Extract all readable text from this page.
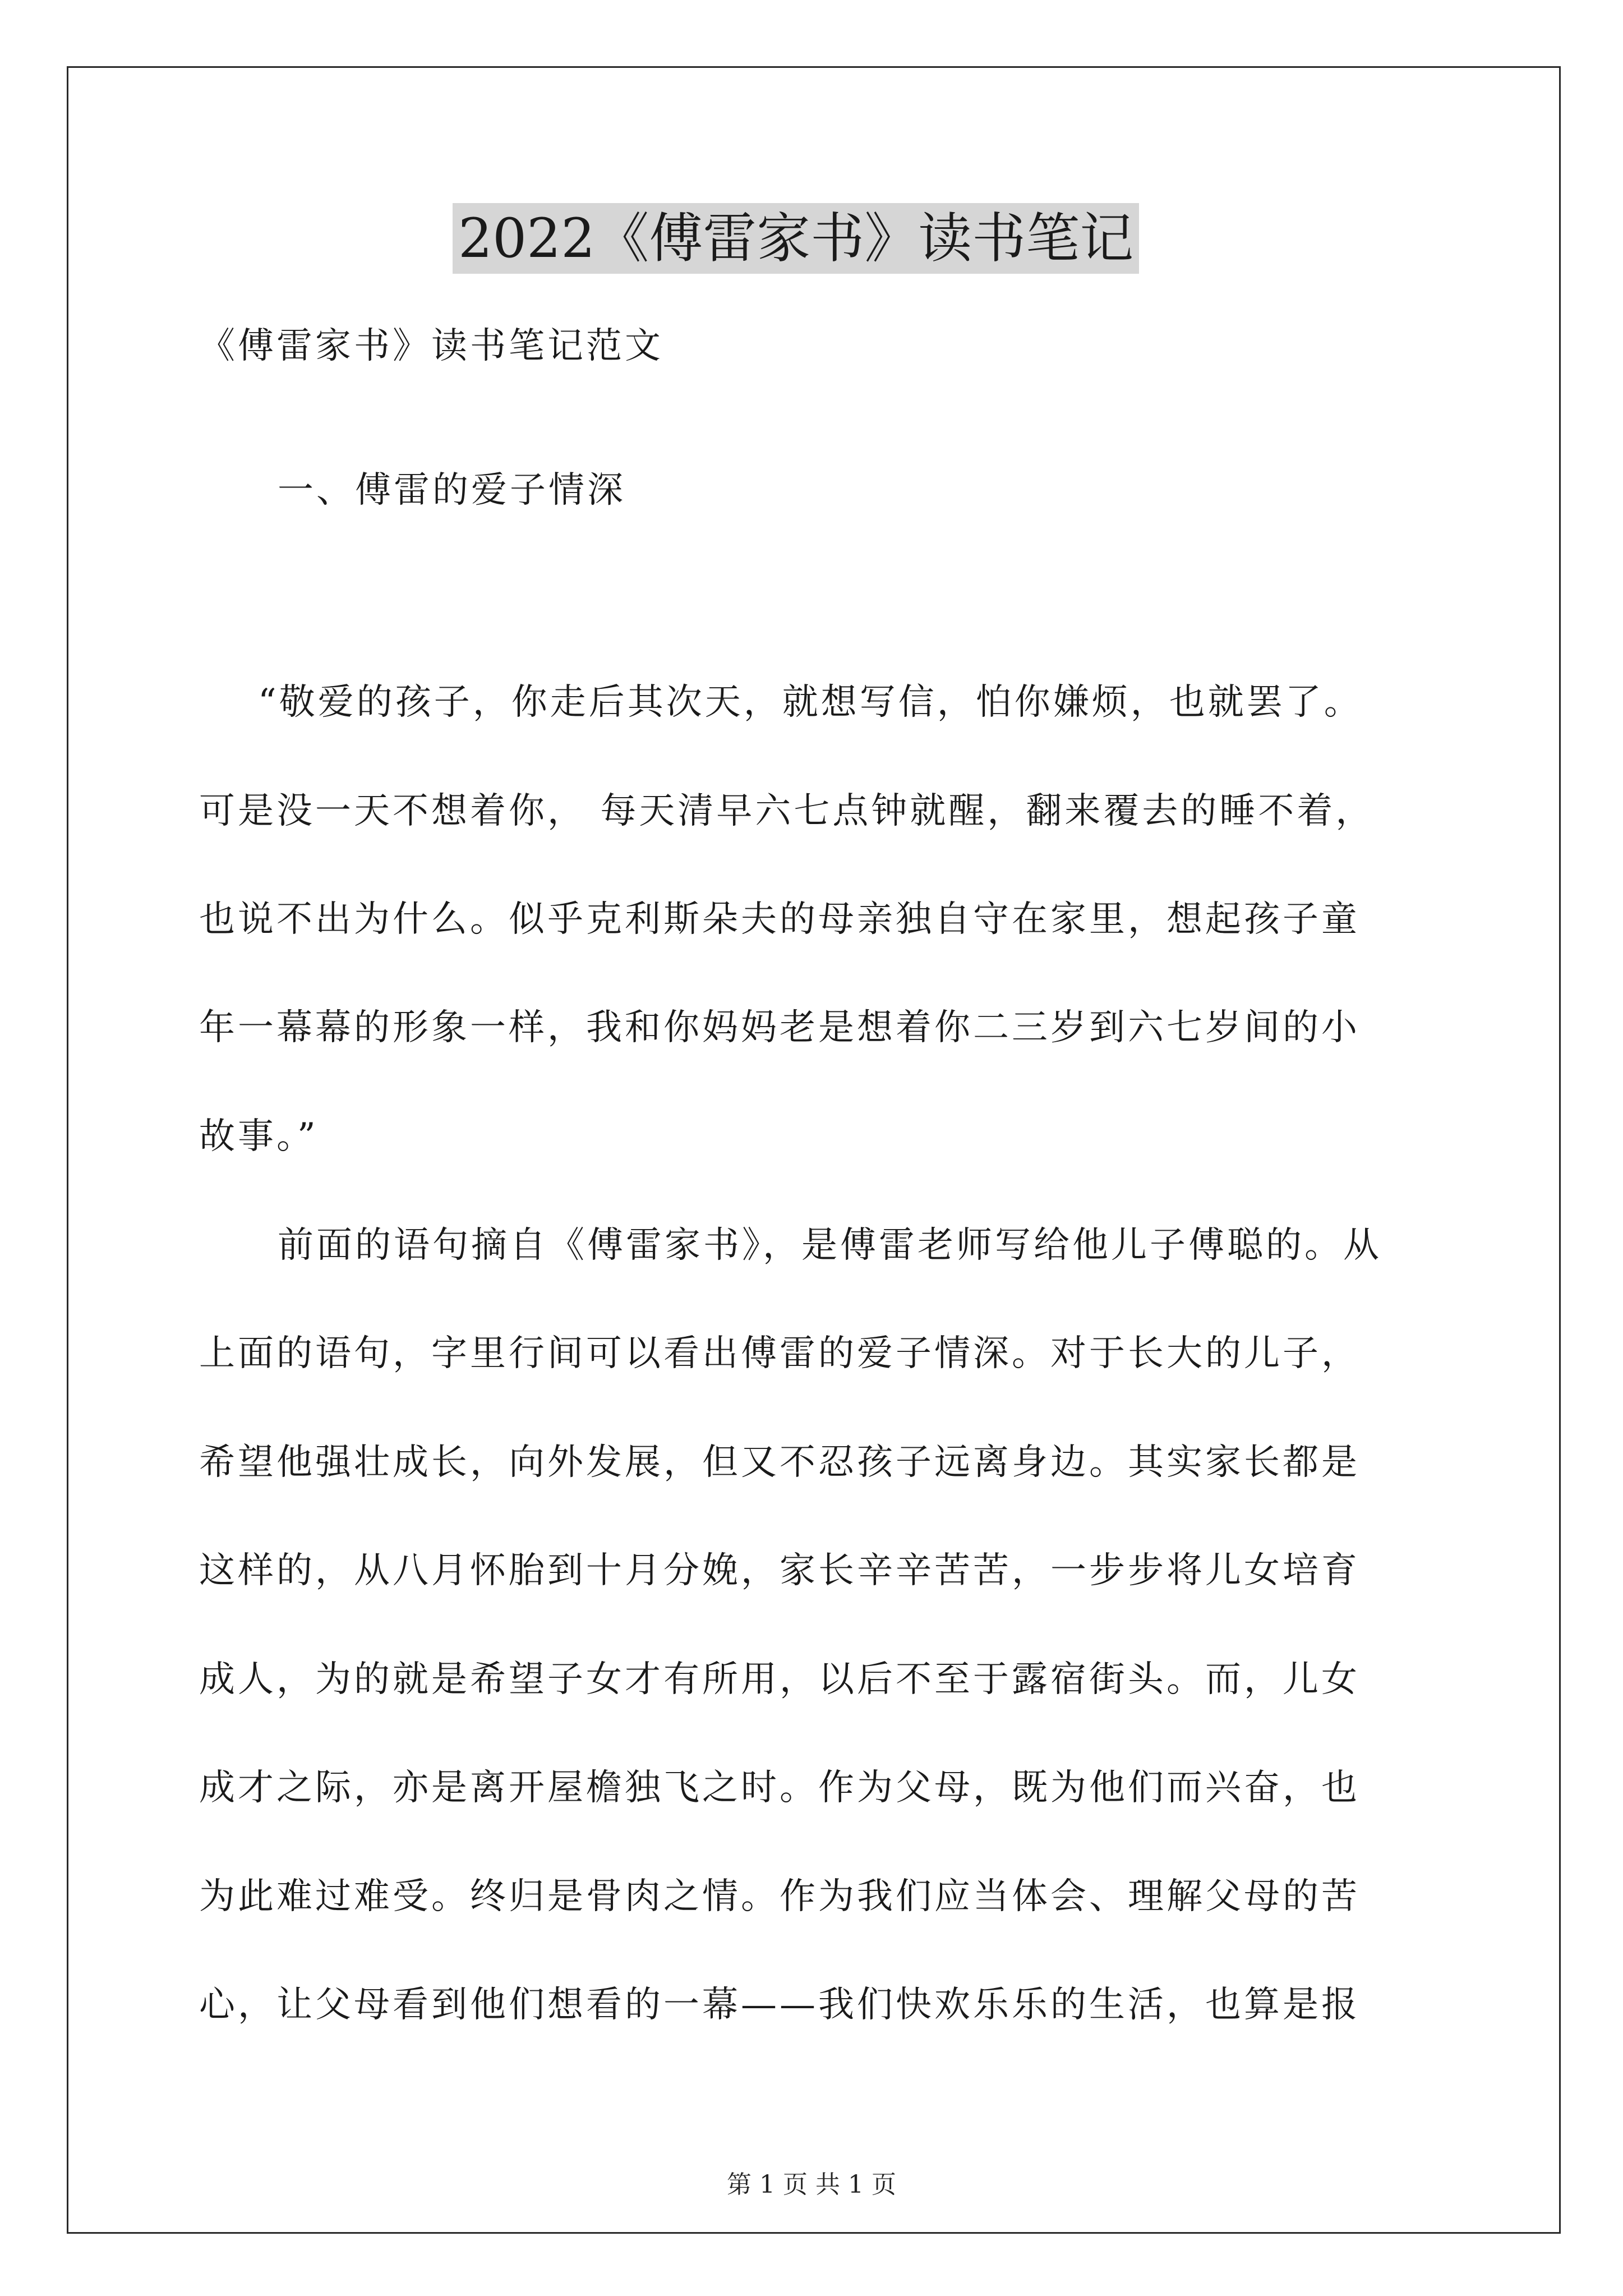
2022《傅雷家书》读书笔记
《傅雷家书》读书笔记范文
一、傅雷的爱子情深
“敬爱的孩子，你走后其次天，就想写信，怕你嫌烦，也就罢了。
可是没一天不想着你， 每天清早六七点钟就醒，翻来覆去的睡不着，
也说不出为什么。似乎克利斯朵夫的母亲独自守在家里，想起孩子童
年一幕幕的形象一样，我和你妈妈老是想着你二三岁到六七岁间的小
故事。”
前面的语句摘自《傅雷家书》，是傅雷老师写给他儿子傅聪的。从
上面的语句，字里行间可以看出傅雷的爱子情深。对于长大的儿子，
希望他强壮成长，向外发展，但又不忍孩子远离身边。其实家长都是
这样的，从八月怀胎到十月分娩，家长辛辛苦苦，一步步将儿女培育
成人，为的就是希望子女才有所用，以后不至于露宿街头。而，儿女
成才之际，亦是离开屋檐独飞之时。作为父母，既为他们而兴奋，也
为此难过难受。终归是骨肉之情。作为我们应当体会、理解父母的苦
心，让父母看到他们想看的一幕——我们快欢乐乐的生活，也算是报
第 1 页 共 1 页
